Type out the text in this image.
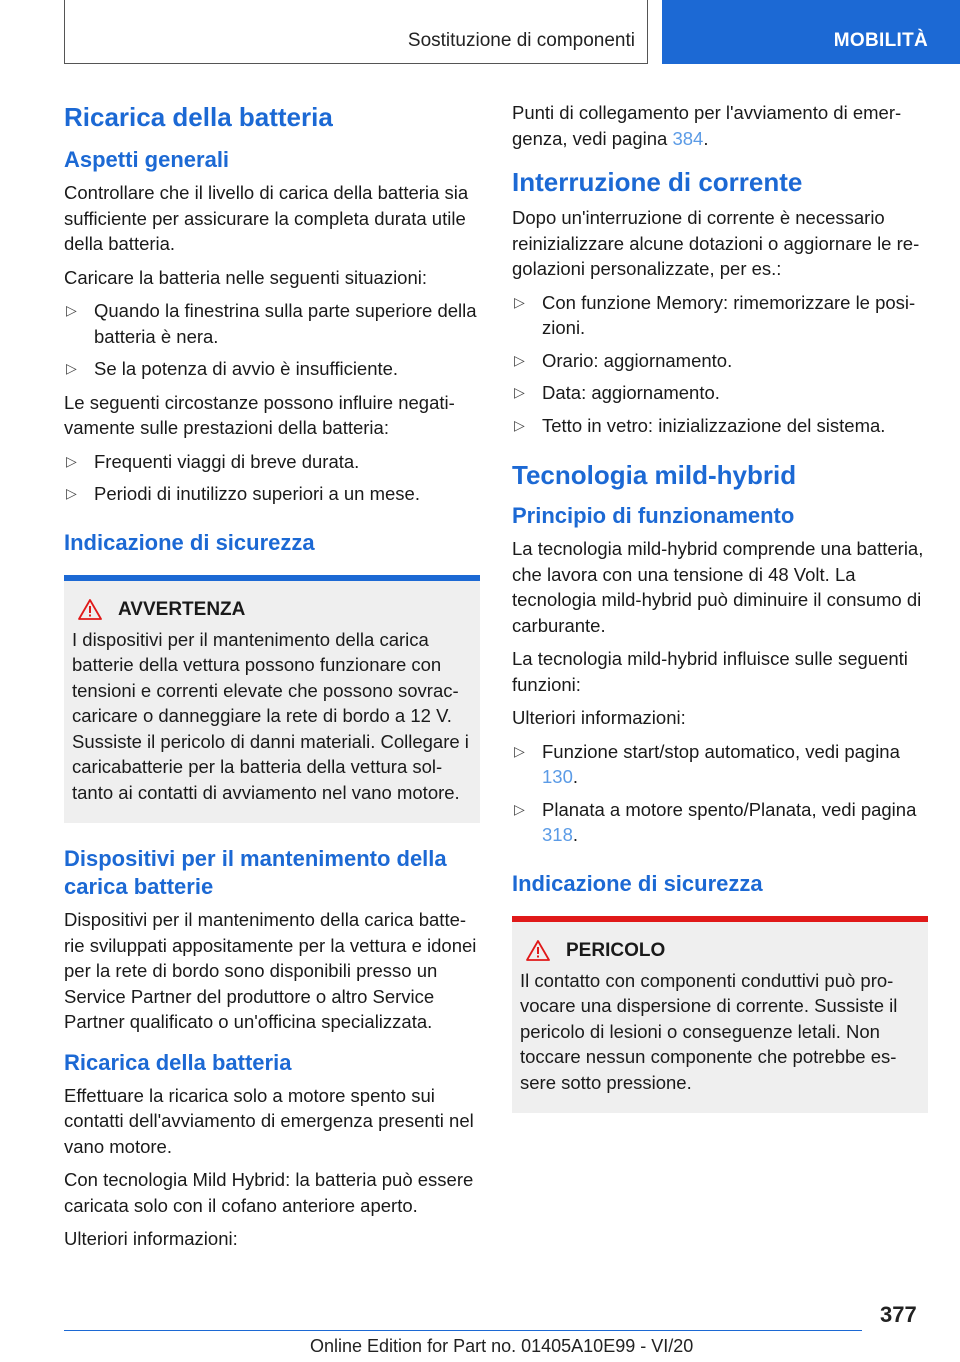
Sostituzione di componenti	MOBILITÀ
Ricarica della batteria
Aspetti generali

Controllare che il livello di carica della batteria sia sufficiente per assicurare la completa durata utile della batteria.

Caricare la batteria nelle seguenti situazioni:

▷ Quando la finestrina sulla parte superiore della batteria è nera.
▷ Se la potenza di avvio è insufficiente.

Le seguenti circostanze possono influire negativamente sulle prestazioni della batteria:

▷ Frequenti viaggi di breve durata.
▷ Periodi di inutilizzo superiori a un mese.
Indicazione di sicurezza
AVVERTENZA

I dispositivi per il mantenimento della carica batterie della vettura possono funzionare con tensioni e correnti elevate che possono sovraccaricare o danneggiare la rete di bordo a 12 V. Sussiste il pericolo di danni materiali. Collegare i caricabatterie per la batteria della vettura soltanto ai contatti di avviamento nel vano motore.

Dispositivi per il mantenimento della carica batterie

Dispositivi per il mantenimento della carica batterie sviluppati appositamente per la vettura e idonei per la rete di bordo sono disponibili presso un Service Partner del produttore o altro Service Partner qualificato o un'officina specializzata.

Ricarica della batteria

Effettuare la ricarica solo a motore spento sui contatti dell'avviamento di emergenza presenti nel vano motore.

Con tecnologia Mild Hybrid: la batteria può essere caricata solo con il cofano anteriore aperto.

Ulteriori informazioni:

Punti di collegamento per l'avviamento di emergenza, vedi pagina 384.

Interruzione di corrente

Dopo un'interruzione di corrente è necessario reinizializzare alcune dotazioni o aggiornare le regolazioni personalizzate, per es.:

▷ Con funzione Memory: rimemorizzare le posizioni.
▷ Orario: aggiornamento.
▷ Data: aggiornamento.
▷ Tetto in vetro: inizializzazione del sistema.
Tecnologia mild-hybrid
Principio di funzionamento

La tecnologia mild-hybrid comprende una batteria, che lavora con una tensione di 48 Volt. La tecnologia mild-hybrid può diminuire il consumo di carburante.

La tecnologia mild-hybrid influisce sulle seguenti funzioni:

Ulteriori informazioni:

▷ Funzione start/stop automatico, vedi pagina 130.
▷ Planata a motore spento/Planata, vedi pagina 318.
Indicazione di sicurezza
PERICOLO

Il contatto con componenti conduttivi può provocare una dispersione di corrente. Sussiste il pericolo di lesioni o conseguenze letali. Non toccare nessun componente che potrebbe essere sotto pressione.

377
Online Edition for Part no. 01405A10E99 - VI/20
